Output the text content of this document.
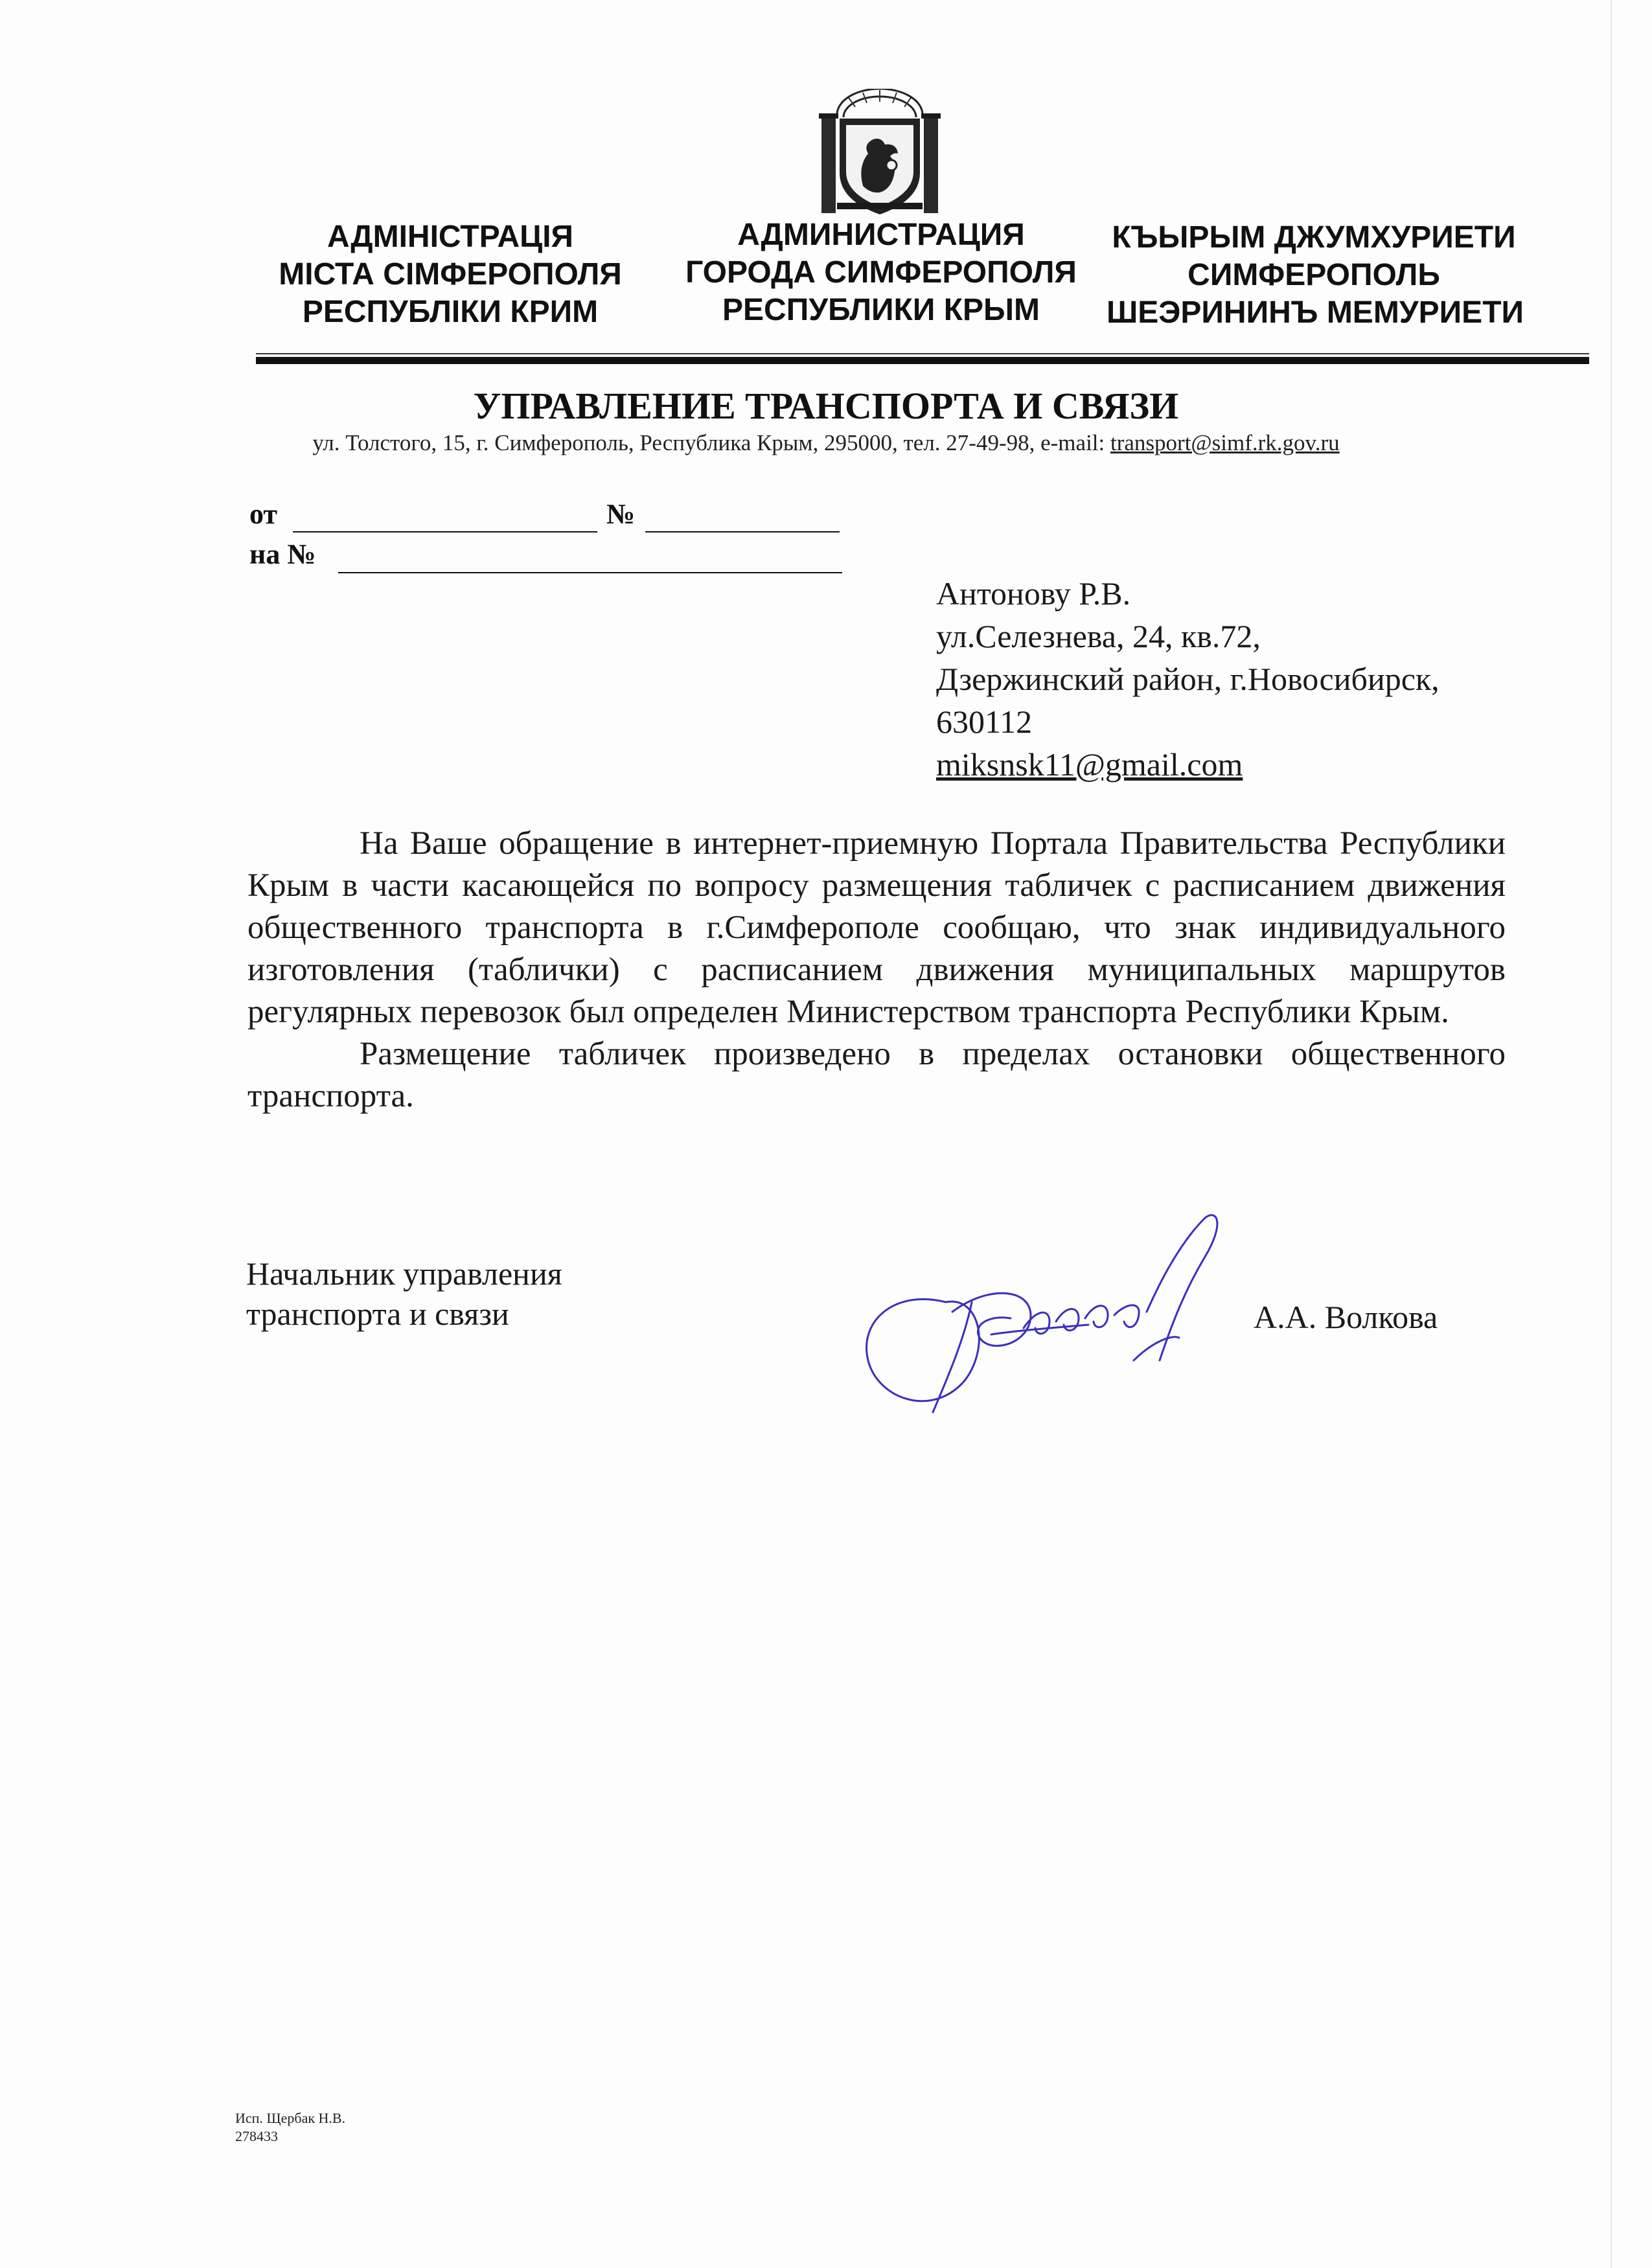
АДМІНІСТРАЦІЯ
МІСТА СІМФЕРОПОЛЯ
РЕСПУБЛІКИ КРИМ
АДМИНИСТРАЦИЯ
ГОРОДА СИМФЕРОПОЛЯ
РЕСПУБЛИКИ КРЫМ
КЪЫРЫМ ДЖУМХУРИЕТИ
СИМФЕРОПОЛЬ
ШЕЭРИНИНЪ МЕМУРИЕТИ
УПРАВЛЕНИЕ ТРАНСПОРТА И СВЯЗИ
ул. Толстого, 15, г. Симферополь, Республика Крым, 295000, тел. 27-49-98, e-mail: transport@simf.rk.gov.ru
от	№
на №
Антонову Р.В.
ул.Селезнева, 24, кв.72,
Дзержинский район, г.Новосибирск,
630112
miksnsk11@gmail.com

На Ваше обращение в интернет-приемную Портала Правительства Республики Крым в части касающейся по вопросу размещения табличек с расписанием движения общественного транспорта в г.Симферополе сообщаю, что знак индивидуального изготовления (таблички) с расписанием движения муниципальных маршрутов регулярных перевозок был определен Министерством транспорта Республики Крым.

Размещение табличек произведено в пределах остановки общественного транспорта.

Начальник управления
транспорта и связи	А.А. Волкова
Исп. Щербак Н.В.
278433
